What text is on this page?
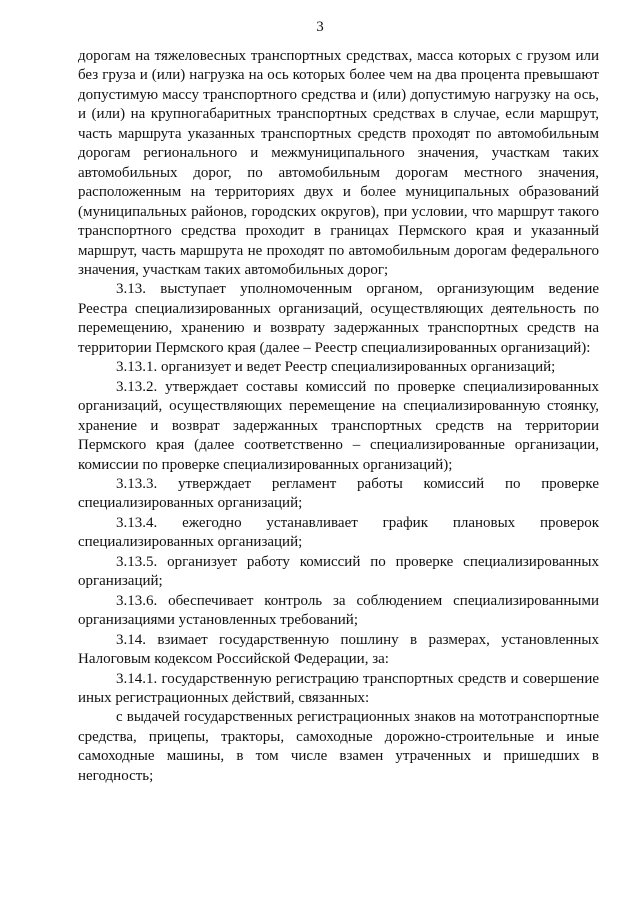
3

дорогам на тяжеловесных транспортных средствах, масса которых с грузом или без груза и (или) нагрузка на ось которых более чем на два процента превышают допустимую массу транспортного средства и (или) допустимую нагрузку на ось, и (или) на крупногабаритных транспортных средствах в случае, если маршрут, часть маршрута указанных транспортных средств проходят по автомобильным дорогам регионального и межмуниципального значения, участкам таких автомобильных дорог, по автомобильным дорогам местного значения, расположенным на территориях двух и более муниципальных образований (муниципальных районов, городских округов), при условии, что маршрут такого транспортного средства проходит в границах Пермского края и указанный маршрут, часть маршрута не проходят по автомобильным дорогам федерального значения, участкам таких автомобильных дорог;

3.13. выступает уполномоченным органом, организующим ведение Реестра специализированных организаций, осуществляющих деятельность по перемещению, хранению и возврату задержанных транспортных средств на территории Пермского края (далее – Реестр специализированных организаций):

3.13.1. организует и ведет Реестр специализированных организаций;

3.13.2. утверждает составы комиссий по проверке специализированных организаций, осуществляющих перемещение на специализированную стоянку, хранение и возврат задержанных транспортных средств на территории Пермского края (далее соответственно – специализированные организации, комиссии по проверке специализированных организаций);

3.13.3. утверждает регламент работы комиссий по проверке специализированных организаций;

3.13.4. ежегодно устанавливает график плановых проверок специализированных организаций;

3.13.5. организует работу комиссий по проверке специализированных организаций;

3.13.6. обеспечивает контроль за соблюдением специализированными организациями установленных требований;

3.14. взимает государственную пошлину в размерах, установленных Налоговым кодексом Российской Федерации, за:

3.14.1. государственную регистрацию транспортных средств и совершение иных регистрационных действий, связанных:

с выдачей государственных регистрационных знаков на мототранспортные средства, прицепы, тракторы, самоходные дорожно-строительные и иные самоходные машины, в том числе взамен утраченных и пришедших в негодность;
